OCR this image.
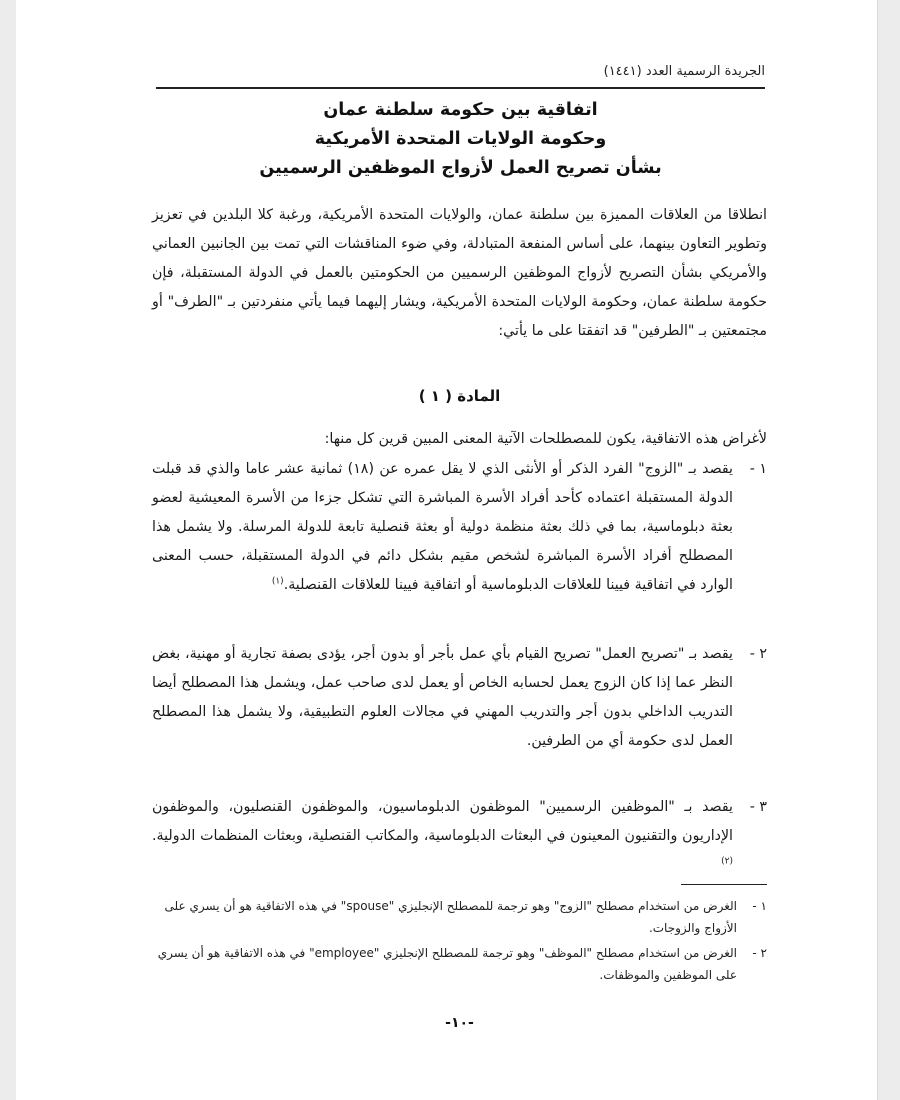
الجريدة الرسمية العدد (١٤٤١)

اتفاقية بين حكومة سلطنة عمان

وحكومة الولايات المتحدة الأمريكية

بشأن تصريح العمل لأزواج الموظفين الرسميين

انطلاقا من العلاقات المميزة بين سلطنة عمان، والولايات المتحدة الأمريكية، ورغبة كلا البلدين في تعزيز وتطوير التعاون بينهما، على أساس المنفعة المتبادلة، وفي ضوء المناقشات التي تمت بين الجانبين العماني والأمريكي بشأن التصريح لأزواج الموظفين الرسميين من الحكومتين بالعمل في الدولة المستقبلة، فإن حكومة سلطنة عمان، وحكومة الولايات المتحدة الأمريكية، ويشار إليهما فيما يأتي منفردتين بـ "الطرف" أو مجتمعتين بـ "الطرفين" قد اتفقتا على ما يأتي:

المادة ( ١ )

لأغراض هذه الاتفاقية، يكون للمصطلحات الآتية المعنى المبين قرين كل منها:

١ -
يقصد بـ "الزوج" الفرد الذكر أو الأنثى الذي لا يقل عمره عن (١٨) ثمانية عشر عاما والذي قد قبلت الدولة المستقبلة اعتماده كأحد أفراد الأسرة المباشرة التي تشكل جزءا من الأسرة المعيشية لعضو بعثة دبلوماسية، بما في ذلك بعثة منظمة دولية أو بعثة قنصلية تابعة للدولة المرسلة. ولا يشمل هذا المصطلح أفراد الأسرة المباشرة لشخص مقيم بشكل دائم في الدولة المستقبلة، حسب المعنى الوارد في اتفاقية فيينا للعلاقات الدبلوماسية أو اتفاقية فيينا للعلاقات القنصلية.$^{(١)}$
٢ -
يقصد بـ "تصريح العمل" تصريح القيام بأي عمل بأجر أو بدون أجر، يؤدى بصفة تجارية أو مهنية، بغض النظر عما إذا كان الزوج يعمل لحسابه الخاص أو يعمل لدى صاحب عمل، ويشمل هذا المصطلح أيضا التدريب الداخلي بدون أجر والتدريب المهني في مجالات العلوم التطبيقية، ولا يشمل هذا المصطلح العمل لدى حكومة أي من الطرفين.
٣ -
يقصد بـ "الموظفين الرسميين" الموظفون الدبلوماسيون، والموظفون القنصليون، والموظفون الإداريون والتقنيون المعينون في البعثات الدبلوماسية، والمكاتب القنصلية، وبعثات المنظمات الدولية.$^{(٢)}$
١ -
الغرض من استخدام مصطلح "الزوج" وهو ترجمة للمصطلح الإنجليزي "spouse" في هذه الاتفاقية هو أن يسري على الأزواج والزوجات.
٢ -
الغرض من استخدام مصطلح "الموظف" وهو ترجمة للمصطلح الإنجليزي "employee" في هذه الاتفاقية هو أن يسري على الموظفين والموظفات.
-١٠-
